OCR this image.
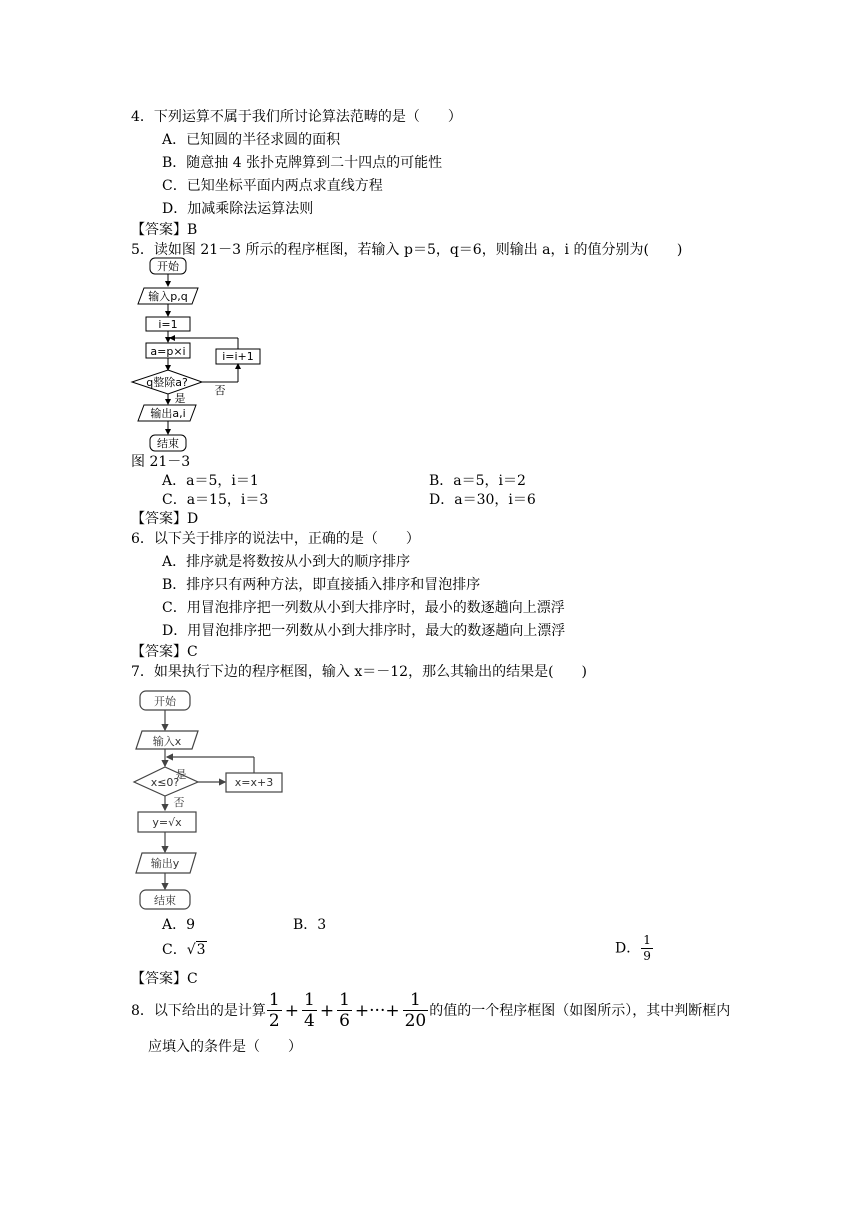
4．下列运算不属于我们所讨论算法范畴的是（　　）
A．已知圆的半径求圆的面积
B．随意抽 4 张扑克牌算到二十四点的可能性
C．已知坐标平面内两点求直线方程
D．加减乘除法运算法则
【答案】B
5．读如图 21－3 所示的程序框图，若输入 p＝5，q＝6，则输出 a，i 的值分别为(　　)
开始
输入p,q
i=1
a=p×i
q整除a?
i=i+1
否
是
输出a,i
结束
图 21－3
A．a＝5，i＝1	B．a＝5，i＝2
C．a＝15，i＝3	D．a＝30，i＝6
【答案】D
6．以下关于排序的说法中，正确的是（　　）
A．排序就是将数按从小到大的顺序排序
B．排序只有两种方法，即直接插入排序和冒泡排序
C．用冒泡排序把一列数从小到大排序时，最小的数逐趟向上漂浮
D．用冒泡排序把一列数从小到大排序时，最大的数逐趟向上漂浮
【答案】C
7．如果执行下边的程序框图，输入 x＝－12，那么其输出的结果是(　　)
开始
输入x
x≤0?
是
x=x+3
否
y=√x
输出y
结束
A．9	B．3
C．√3	D． $\frac{1}{9}$
【答案】C
8．以下给出的是计算 $\frac{1}{2} + \frac{1}{4} + \frac{1}{6}$ +···+ $\frac{1}{20}$ 的值的一个程序框图（如图所示），其中判断框内
应填入的条件是（　　）
